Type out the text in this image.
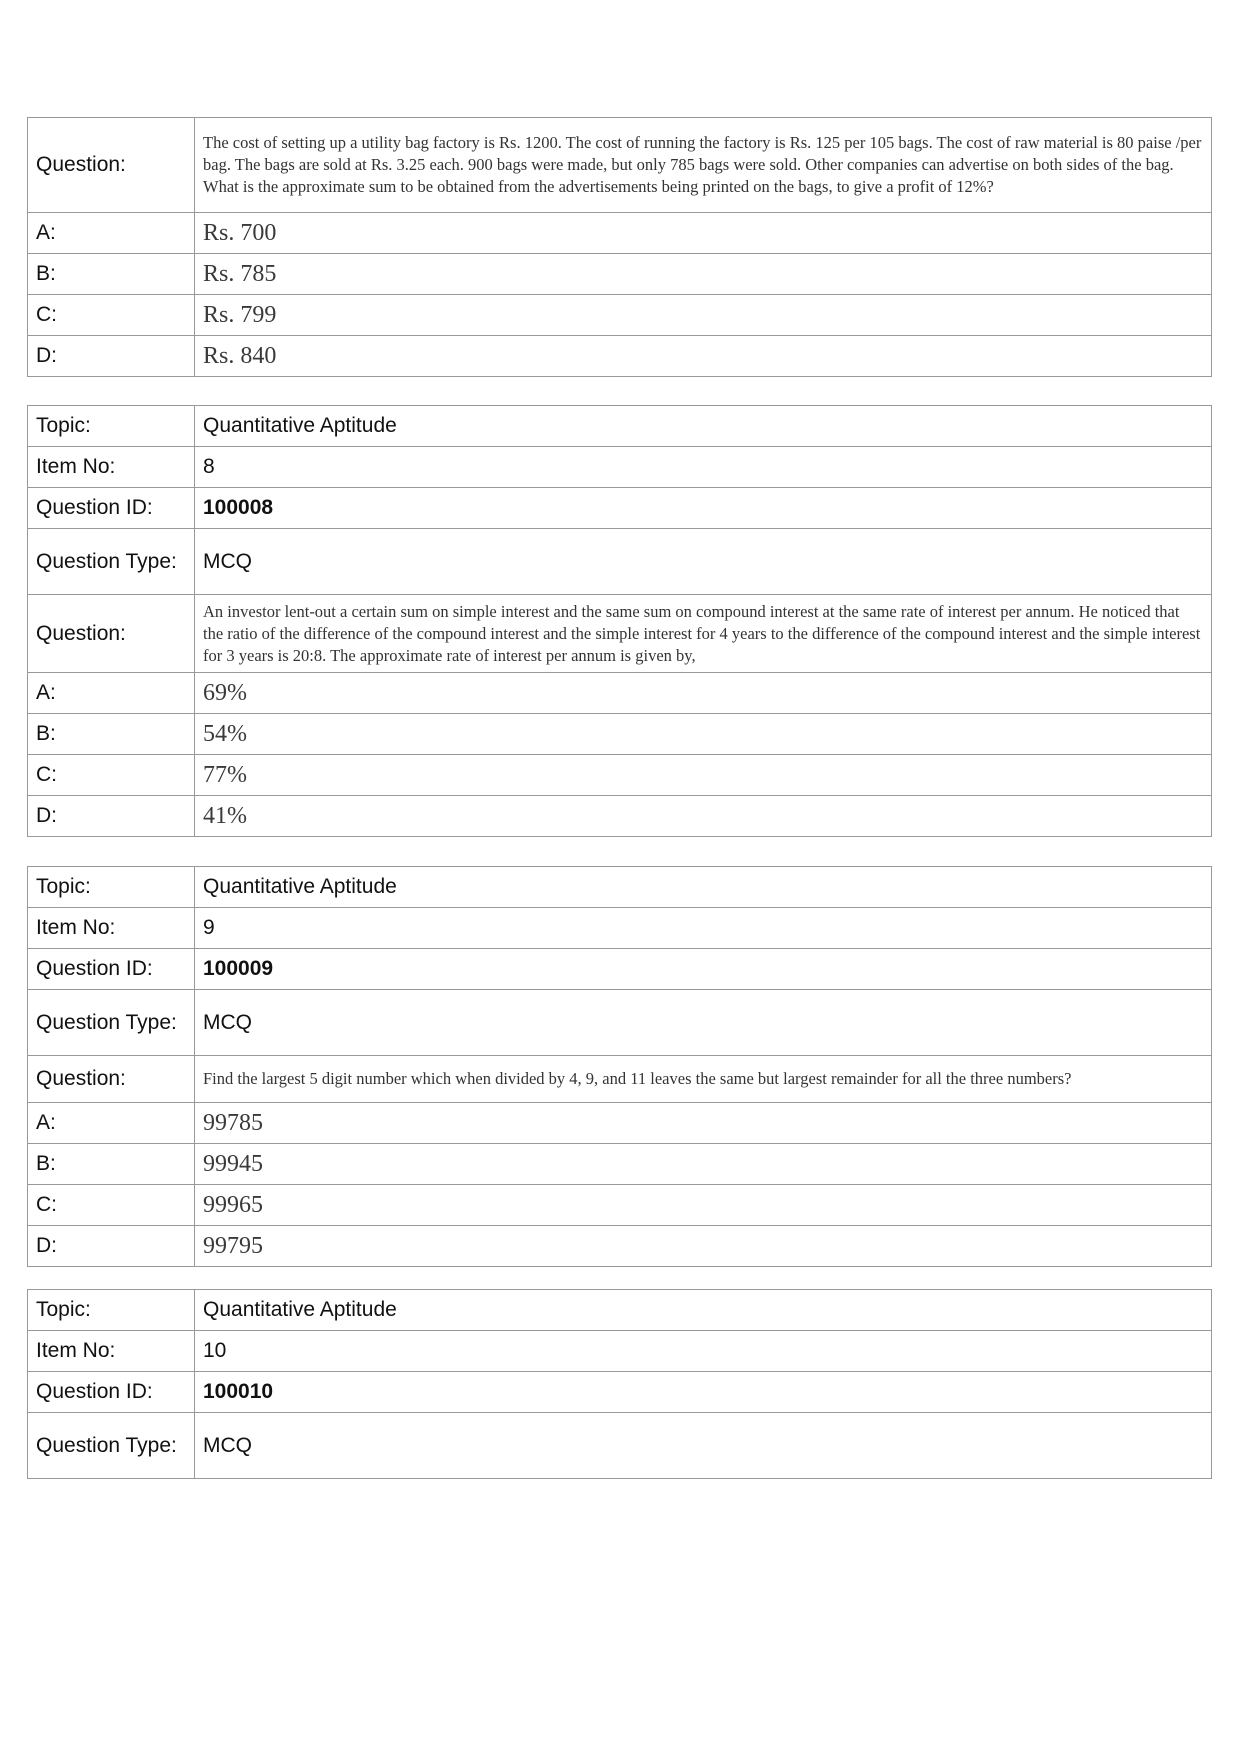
Question:	The cost of setting up a utility bag factory is Rs. 1200. The cost of running the factory is Rs. 125 per 105 bags. The cost of raw material is 80 paise /per bag. The bags are sold at Rs. 3.25 each. 900 bags were made, but only 785 bags were sold. Other companies can advertise on both sides of the bag. What is the approximate sum to be obtained from the advertisements being printed on the bags, to give a profit of 12%?
A:	Rs. 700
B:	Rs. 785
C:	Rs. 799
D:	Rs. 840
Topic:	Quantitative Aptitude
Item No:	8
Question ID:	100008
Question Type:	MCQ
Question:	An investor lent-out a certain sum on simple interest and the same sum on compound interest at the same rate of interest per annum. He noticed that the ratio of the difference of the compound interest and the simple interest for 4 years to the difference of the compound interest and the simple interest for 3 years is 20:8. The approximate rate of interest per annum is given by,
A:	69%
B:	54%
C:	77%
D:	41%
Topic:	Quantitative Aptitude
Item No:	9
Question ID:	100009
Question Type:	MCQ
Question:	Find the largest 5 digit number which when divided by 4, 9, and 11 leaves the same but largest remainder for all the three numbers?
A:	99785
B:	99945
C:	99965
D:	99795
Topic:	Quantitative Aptitude
Item No:	10
Question ID:	100010
Question Type:	MCQ
